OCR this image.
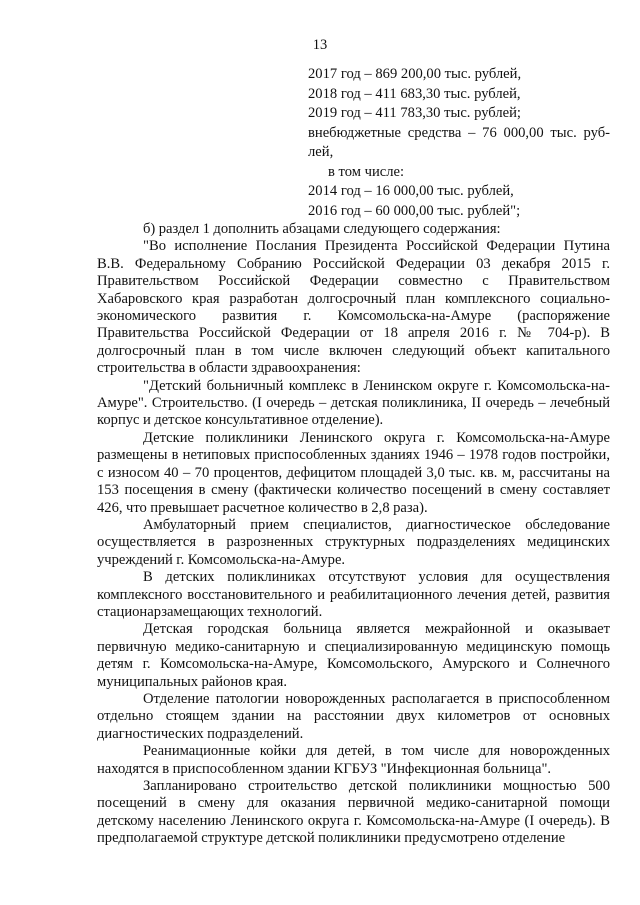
13
2017 год – 869 200,00 тыс. рублей,
2018 год – 411 683,30 тыс. рублей,
2019 год – 411 783,30 тыс. рублей;
внебюджетные средства – 76 000,00 тыс. руб-лей,
в том числе:
2014 год – 16 000,00 тыс. рублей,
2016 год – 60 000,00 тыс. рублей";

б) раздел 1 дополнить абзацами следующего содержания:

"Во исполнение Послания Президента Российской Федерации Путина В.В. Федеральному Собранию Российской Федерации 03 декабря 2015 г. Правительством Российской Федерации совместно с Правительством Хабаровского края разработан долгосрочный план комплексного социально-экономического развития г. Комсомольска-на-Амуре (распоряжение Правительства Российской Федерации от 18 апреля 2016 г. № 704-р). В долгосрочный план в том числе включен следующий объект капитального строительства в области здравоохранения:

"Детский больничный комплекс в Ленинском округе г. Комсомольска-на-Амуре". Строительство. (I очередь – детская поликлиника, II очередь – лечебный корпус и детское консультативное отделение).

Детские поликлиники Ленинского округа г. Комсомольска-на-Амуре размещены в нетиповых приспособленных зданиях 1946 – 1978 годов постройки, с износом 40 – 70 процентов, дефицитом площадей 3,0 тыс. кв. м, рассчитаны на 153 посещения в смену (фактически количество посещений в смену составляет 426, что превышает расчетное количество в 2,8 раза).

Амбулаторный прием специалистов, диагностическое обследование осуществляется в разрозненных структурных подразделениях медицинских учреждений г. Комсомольска-на-Амуре.

В детских поликлиниках отсутствуют условия для осуществления комплексного восстановительного и реабилитационного лечения детей, развития стационарзамещающих технологий.

Детская городская больница является межрайонной и оказывает первичную медико-санитарную и специализированную медицинскую помощь детям г. Комсомольска-на-Амуре, Комсомольского, Амурского и Солнечного муниципальных районов края.

Отделение патологии новорожденных располагается в приспособленном отдельно стоящем здании на расстоянии двух километров от основных диагностических подразделений.

Реанимационные койки для детей, в том числе для новорожденных находятся в приспособленном здании КГБУЗ "Инфекционная больница".

Запланировано строительство детской поликлиники мощностью 500 посещений в смену для оказания первичной медико-санитарной помощи детскому населению Ленинского округа г. Комсомольска-на-Амуре (I очередь). В предполагаемой структуре детской поликлиники предусмотрено отделение
